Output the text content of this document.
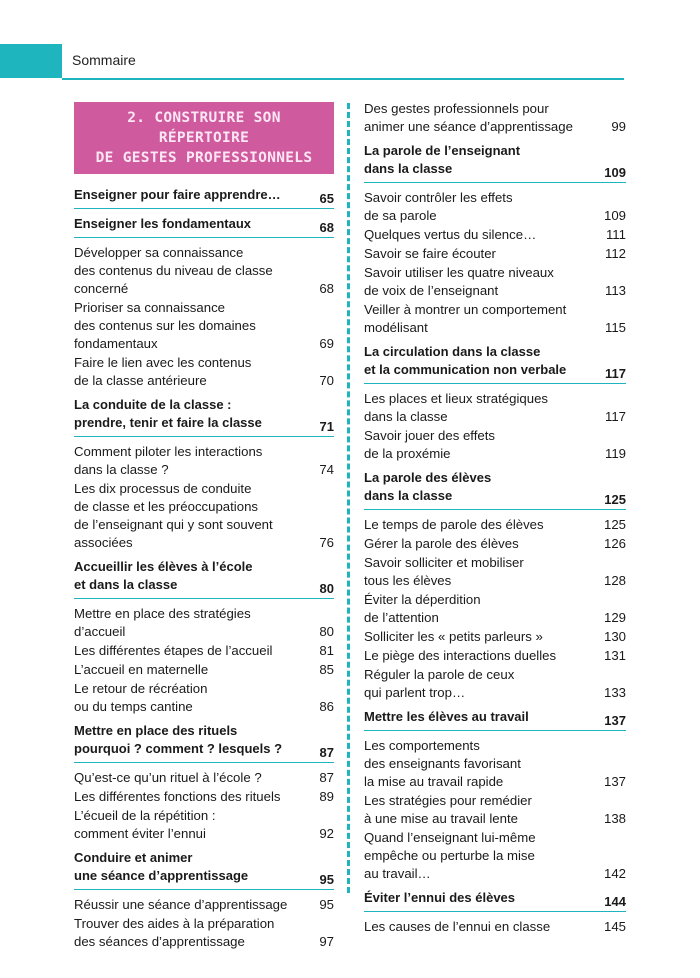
Sommaire
2. CONSTRUIRE SON RÉPERTOIRE
DE GESTES PROFESSIONNELS
Enseigner pour faire apprendre…	65
Enseigner les fondamentaux	68
Développer sa connaissance
des contenus du niveau de classe
concerné	68
Prioriser sa connaissance
des contenus sur les domaines
fondamentaux	69
Faire le lien avec les contenus
de la classe antérieure	70
La conduite de la classe :
prendre, tenir et faire la classe	71
Comment piloter les interactions
dans la classe ?	74
Les dix processus de conduite
de classe et les préoccupations
de l’enseignant qui y sont souvent
associées	76
Accueillir les élèves à l’école
et dans la classe	80
Mettre en place des stratégies
d’accueil	80
Les différentes étapes de l’accueil	81
L’accueil en maternelle	85
Le retour de récréation
ou du temps cantine	86
Mettre en place des rituels
pourquoi ? comment ? lesquels ?	87
Qu’est-ce qu’un rituel à l’école ?	87
Les différentes fonctions des rituels	89
L’écueil de la répétition :
comment éviter l’ennui	92
Conduire et animer
une séance d’apprentissage	95
Réussir une séance d’apprentissage	95
Trouver des aides à la préparation
des séances d’apprentissage	97
Des gestes professionnels pour
animer une séance d’apprentissage	99
La parole de l’enseignant
dans la classe	109
Savoir contrôler les effets
de sa parole	109
Quelques vertus du silence…	111
Savoir se faire écouter	112
Savoir utiliser les quatre niveaux
de voix de l’enseignant	113
Veiller à montrer un comportement
modélisant	115
La circulation dans la classe
et la communication non verbale	117
Les places et lieux stratégiques
dans la classe	117
Savoir jouer des effets
de la proxémie	119
La parole des élèves
dans la classe	125
Le temps de parole des élèves	125
Gérer la parole des élèves	126
Savoir solliciter et mobiliser
tous les élèves	128
Éviter la déperdition
de l’attention	129
Solliciter les « petits parleurs »	130
Le piège des interactions duelles	131
Réguler la parole de ceux
qui parlent trop…	133
Mettre les élèves au travail	137
Les comportements
des enseignants favorisant
la mise au travail rapide	137
Les stratégies pour remédier
à une mise au travail lente	138
Quand l’enseignant lui-même
empêche ou perturbe la mise
au travail…	142
Éviter l’ennui des élèves	144
Les causes de l’ennui en classe	145
